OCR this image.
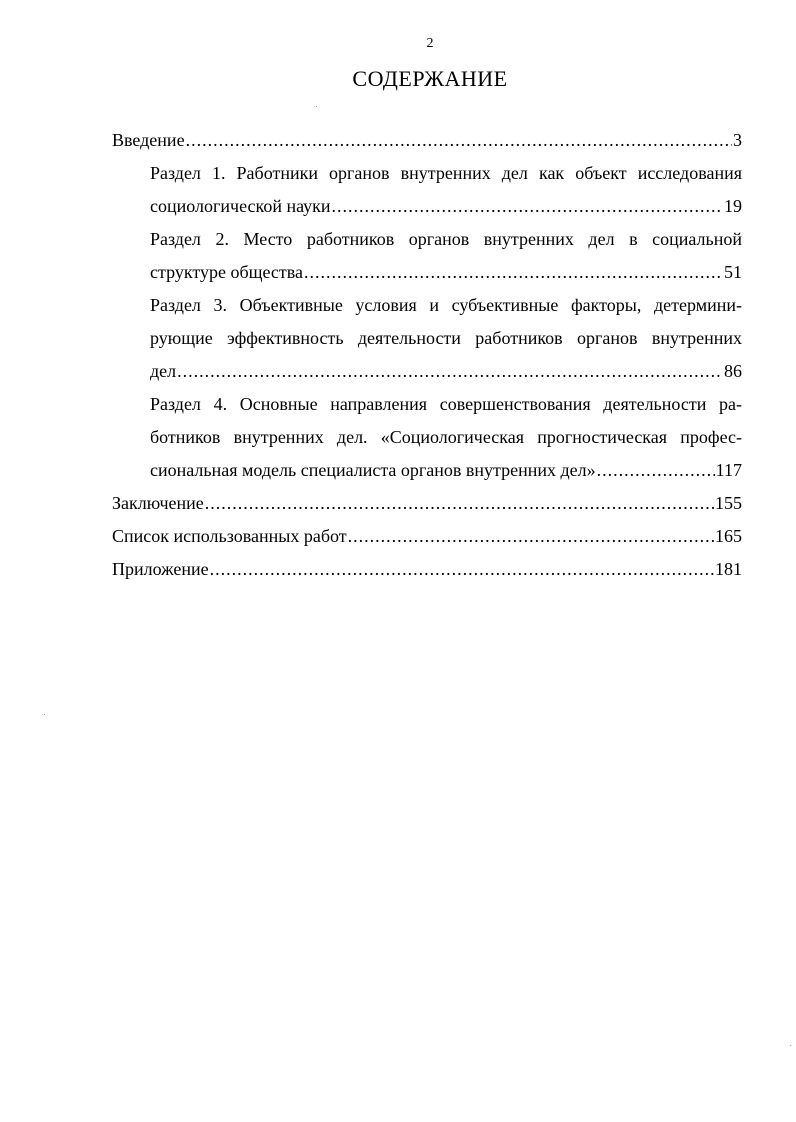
2
СОДЕРЖАНИЕ
Введение .....	3
Раздел 1. Работники органов внутренних дел как объект исследования
социологической науки .....	19
Раздел 2. Место работников органов внутренних дел в социальной
структуре общества .....	51
Раздел 3. Объективные условия и субъективные факторы, детермини-
рующие эффективность деятельности работников органов внутренних
дел .....	86
Раздел 4. Основные направления совершенствования деятельности ра-
ботников внутренних дел. «Социологическая прогностическая профес-
сиональная модель специалиста органов внутренних дел» .....	117
Заключение .....	155
Список использованных работ .....	165
Приложение .....	181
